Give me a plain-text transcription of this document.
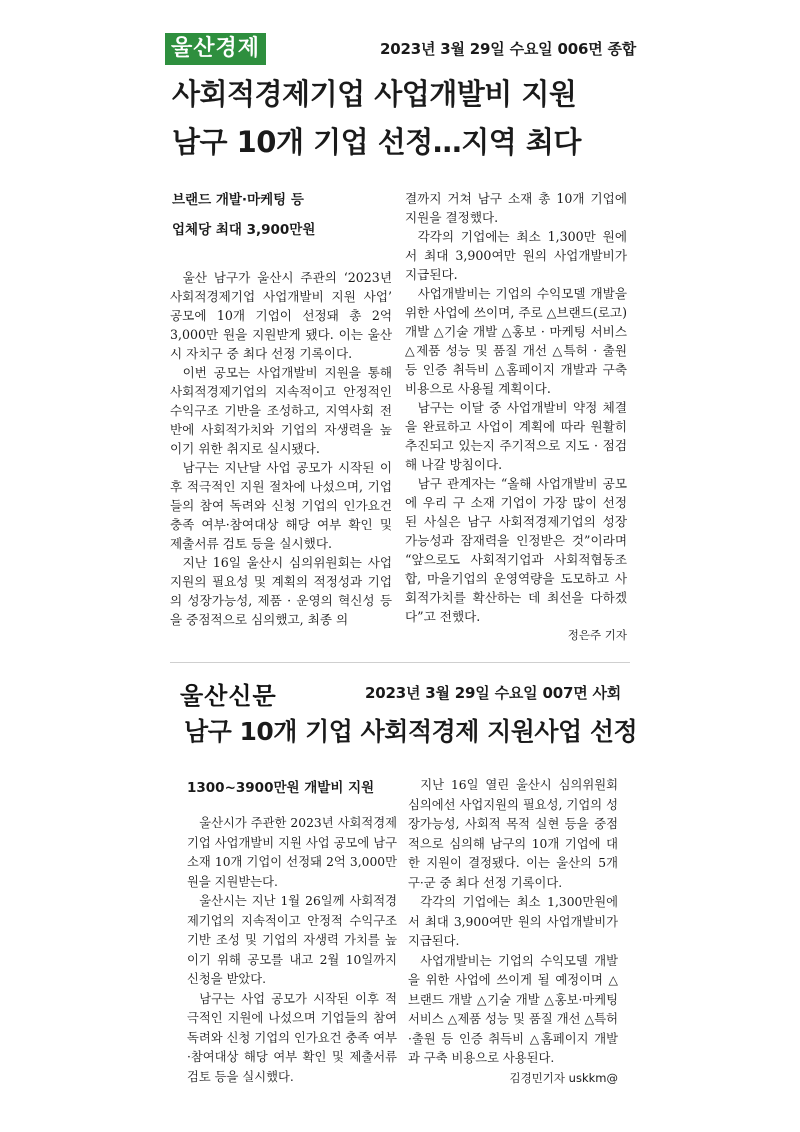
울산경제	2023년 3월 29일 수요일 006면 종합
사회적경제기업 사업개발비 지원
남구 10개 기업 선정…지역 최다
브랜드 개발·마케팅 등
업체당 최대 3,900만원

울산 남구가 울산시 주관의 ‘2023년 사회적경제기업 사업개발비 지원 사업’ 공모에 10개 기업이 선정돼 총 2억 3,000만 원을 지원받게 됐다. 이는 울산시 자치구 중 최다 선정 기록이다.

이번 공모는 사업개발비 지원을 통해 사회적경제기업의 지속적이고 안정적인 수익구조 기반을 조성하고, 지역사회 전반에 사회적가치와 기업의 자생력을 높이기 위한 취지로 실시됐다.

남구는 지난달 사업 공모가 시작된 이후 적극적인 지원 절차에 나섰으며, 기업들의 참여 독려와 신청 기업의 인가요건 충족 여부·참여대상 해당 여부 확인 및 제출서류 검토 등을 실시했다.

지난 16일 울산시 심의위원회는 사업지원의 필요성 및 계획의 적정성과 기업의 성장가능성, 제품 · 운영의 혁신성 등을 중점적으로 심의했고, 최종 의

결까지 거쳐 남구 소재 총 10개 기업에 지원을 결정했다.

각각의 기업에는 최소 1,300만 원에서 최대 3,900여만 원의 사업개발비가 지급된다.

사업개발비는 기업의 수익모델 개발을 위한 사업에 쓰이며, 주로 △브랜드(로고) 개발 △기술 개발 △홍보 · 마케팅 서비스 △제품 성능 및 품질 개선 △특허 · 출원 등 인증 취득비 △홈페이지 개발과 구축 비용으로 사용될 계획이다.

남구는 이달 중 사업개발비 약정 체결을 완료하고 사업이 계획에 따라 원활히 추진되고 있는지 주기적으로 지도 · 점검해 나갈 방침이다.

남구 관계자는 “올해 사업개발비 공모에 우리 구 소재 기업이 가장 많이 선정된 사실은 남구 사회적경제기업의 성장가능성과 잠재력을 인정받은 것”이라며 “앞으로도 사회적기업과 사회적협동조합, 마을기업의 운영역량을 도모하고 사회적가치를 확산하는 데 최선을 다하겠다”고 전했다.

정은주 기자
울산신문	2023년 3월 29일 수요일 007면 사회
남구 10개 기업 사회적경제 지원사업 선정
1300~3900만원 개발비 지원

울산시가 주관한 2023년 사회적경제기업 사업개발비 지원 사업 공모에 남구 소재 10개 기업이 선정돼 2억 3,000만원을 지원받는다.

울산시는 지난 1월 26일께 사회적경제기업의 지속적이고 안정적 수익구조 기반 조성 및 기업의 자생력 가치를 높이기 위해 공모를 내고 2월 10일까지 신청을 받았다.

남구는 사업 공모가 시작된 이후 적극적인 지원에 나섰으며 기업들의 참여 독려와 신청 기업의 인가요건 충족 여부·참여대상 해당 여부 확인 및 제출서류 검토 등을 실시했다.

지난 16일 열린 울산시 심의위원회 심의에선 사업지원의 필요성, 기업의 성장가능성, 사회적 목적 실현 등을 중점적으로 심의해 남구의 10개 기업에 대한 지원이 결정됐다. 이는 울산의 5개 구·군 중 최다 선정 기록이다.

각각의 기업에는 최소 1,300만원에서 최대 3,900여만 원의 사업개발비가 지급된다.

사업개발비는 기업의 수익모델 개발을 위한 사업에 쓰이게 될 예정이며 △브랜드 개발 △기술 개발 △홍보·마케팅 서비스 △제품 성능 및 품질 개선 △특허·출원 등 인증 취득비 △홈페이지 개발과 구축 비용으로 사용된다.

김경민기자 uskkm@
